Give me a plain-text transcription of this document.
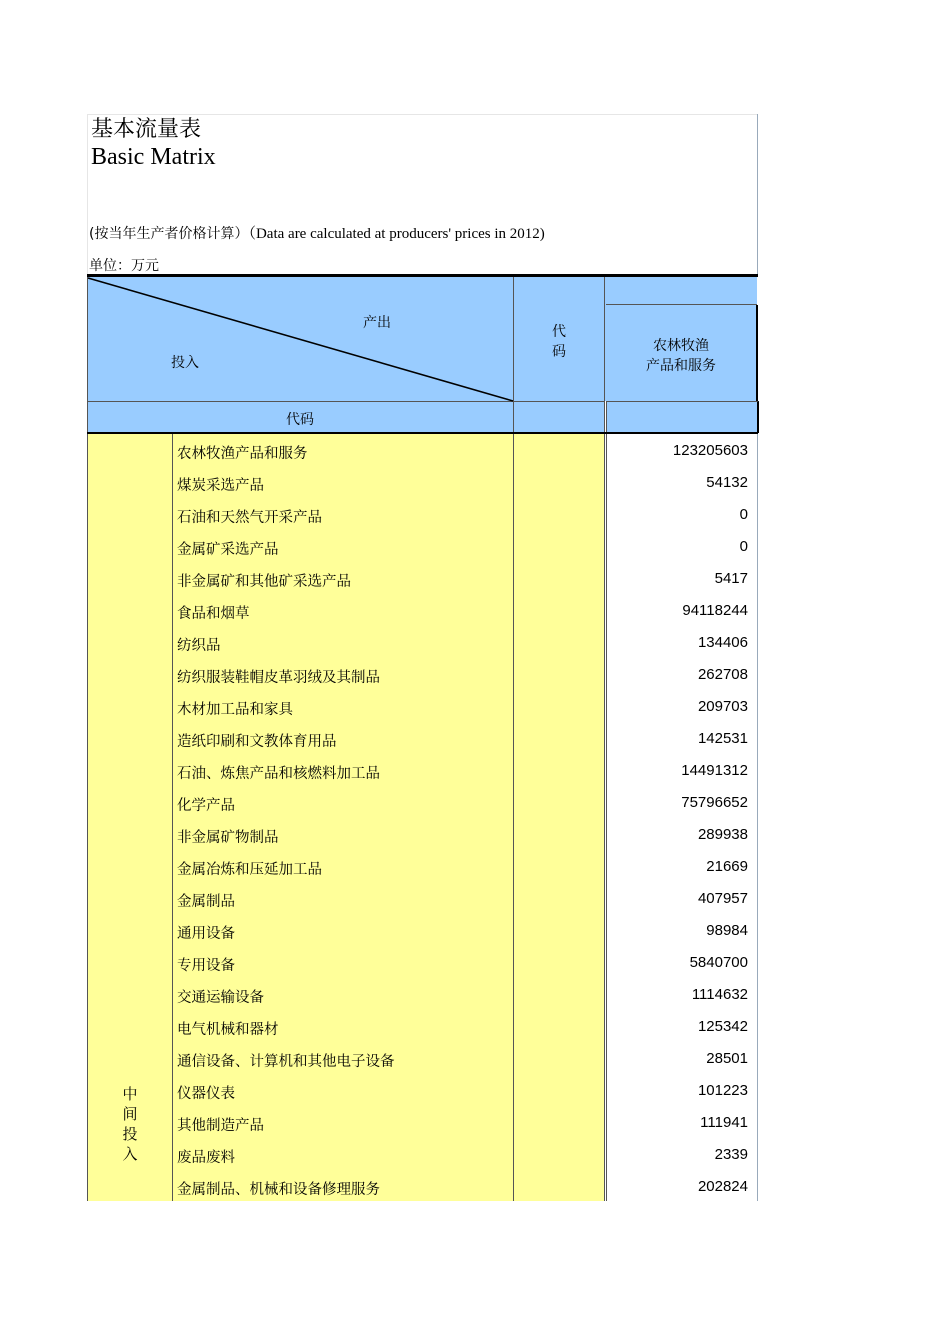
基本流量表
Basic Matrix
(按当年生产者价格计算）（Data are calculated at producers' prices in 2012)
单位：万元
产出
投入
代
码	农林牧渔
产品和服务
代码
中
间
投
入
农林牧渔产品和服务	123205603
煤炭采选产品	54132
石油和天然气开采产品	0
金属矿采选产品	0
非金属矿和其他矿采选产品	5417
食品和烟草	94118244
纺织品	134406
纺织服装鞋帽皮革羽绒及其制品	262708
木材加工品和家具	209703
造纸印刷和文教体育用品	142531
石油、炼焦产品和核燃料加工品	14491312
化学产品	75796652
非金属矿物制品	289938
金属冶炼和压延加工品	21669
金属制品	407957
通用设备	98984
专用设备	5840700
交通运输设备	1114632
电气机械和器材	125342
通信设备、计算机和其他电子设备	28501
仪器仪表	101223
其他制造产品	111941
废品废料	2339
金属制品、机械和设备修理服务	202824
